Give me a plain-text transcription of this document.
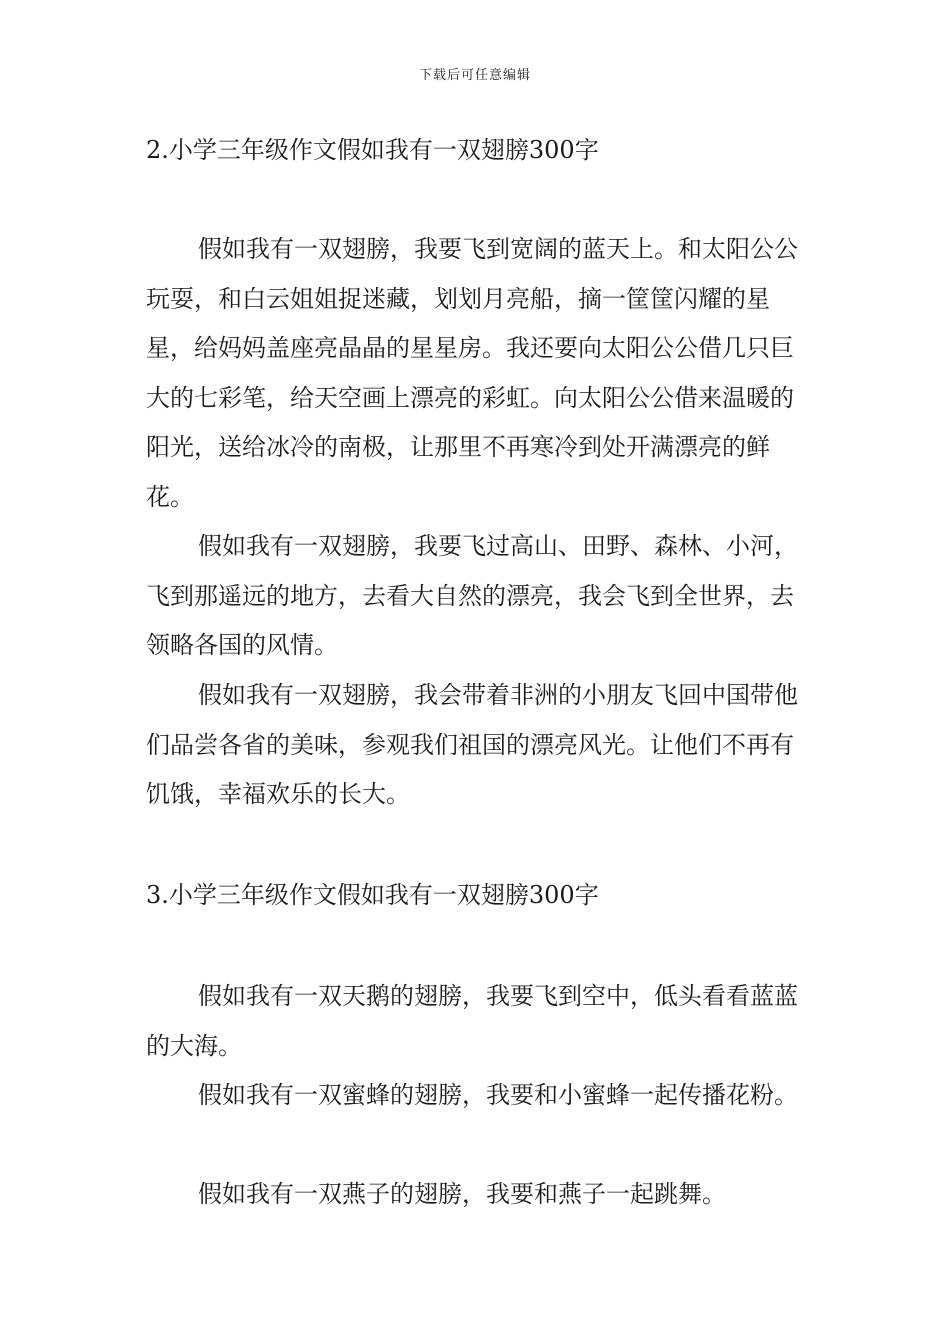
下载后可任意编辑
2.小学三年级作文假如我有一双翅膀300字

假如我有一双翅膀，我要飞到宽阔的蓝天上。和太阳公公玩耍，和白云姐姐捉迷藏，划划月亮船，摘一筐筐闪耀的星星，给妈妈盖座亮晶晶的星星房。我还要向太阳公公借几只巨大的七彩笔，给天空画上漂亮的彩虹。向太阳公公借来温暖的阳光，送给冰冷的南极，让那里不再寒冷到处开满漂亮的鲜花。

假如我有一双翅膀，我要飞过高山、田野、森林、小河，飞到那遥远的地方，去看大自然的漂亮，我会飞到全世界，去领略各国的风情。

假如我有一双翅膀，我会带着非洲的小朋友飞回中国带他们品尝各省的美味，参观我们祖国的漂亮风光。让他们不再有饥饿，幸福欢乐的长大。

3.小学三年级作文假如我有一双翅膀300字

假如我有一双天鹅的翅膀，我要飞到空中，低头看看蓝蓝的大海。

假如我有一双蜜蜂的翅膀，我要和小蜜蜂一起传播花粉。

假如我有一双燕子的翅膀，我要和燕子一起跳舞。
